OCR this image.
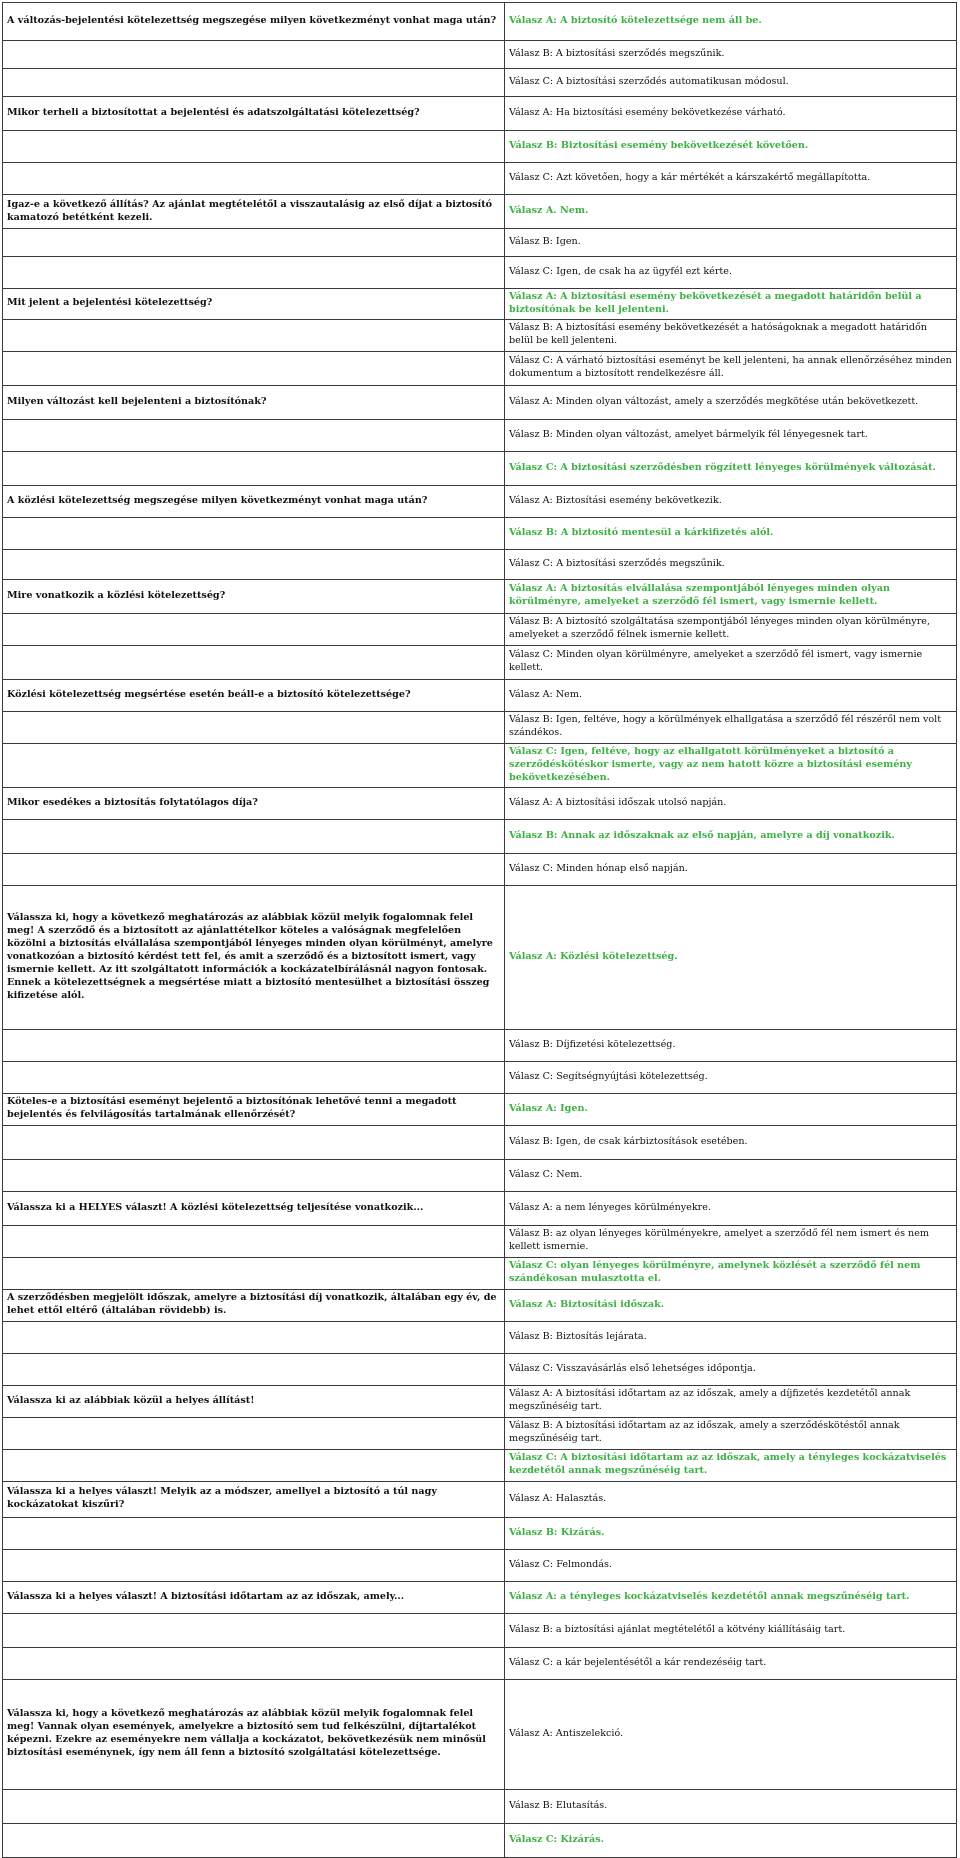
A változás-bejelentési kötelezettség megszegése milyen következményt vonhat maga után?	Válasz A: A biztosító kötelezettsége nem áll be.
	Válasz B: A biztosítási szerződés megszűnik.
	Válasz C: A biztosítási szerződés automatikusan módosul.
Mikor terheli a biztosítottat a bejelentési és adatszolgáltatási kötelezettség?	Válasz A: Ha biztosítási esemény bekövetkezése várható.
	Válasz B: Biztosítási esemény bekövetkezését követően.
	Válasz C: Azt követően, hogy a kár mértékét a kárszakértő megállapította.
Igaz-e a következő állítás? Az ajánlat megtételétől a visszautalásig az első díjat a biztosító kamatozó betétként kezeli.	Válasz A. Nem.
	Válasz B: Igen.
	Válasz C: Igen, de csak ha az ügyfél ezt kérte.
Mit jelent a bejelentési kötelezettség?	Válasz A: A biztosítási esemény bekövetkezését a megadott határidőn belül a biztosítónak be kell jelenteni.
	Válasz B: A biztosítási esemény bekövetkezését a hatóságoknak a megadott határidőn belül be kell jelenteni.
	Válasz C: A várható biztosítási eseményt be kell jelenteni, ha annak ellenőrzéséhez minden dokumentum a biztosított rendelkezésre áll.
Milyen változást kell bejelenteni a biztosítónak?	Válasz A: Minden olyan változást, amely a szerződés megkötése után bekövetkezett.
	Válasz B: Minden olyan változást, amelyet bármelyik fél lényegesnek tart.
	Válasz C: A biztosítási szerződésben rögzített lényeges körülmények változását.
A közlési kötelezettség megszegése milyen következményt vonhat maga után?	Válasz A: Biztosítási esemény bekövetkezik.
	Válasz B: A biztosító mentesül a kárkifizetés alól.
	Válasz C: A biztosítási szerződés megszűnik.
Mire vonatkozik a közlési kötelezettség?	Válasz A: A biztosítás elvállalása szempontjából lényeges minden olyan körülményre, amelyeket a szerződő fél ismert, vagy ismernie kellett.
	Válasz B: A biztosító szolgáltatása szempontjából lényeges minden olyan körülményre, amelyeket a szerződő félnek ismernie kellett.
	Válasz C: Minden olyan körülményre, amelyeket a szerződő fél ismert, vagy ismernie kellett.
Közlési kötelezettség megsértése esetén beáll-e a biztosító kötelezettsége?	Válasz A: Nem.
	Válasz B: Igen, feltéve, hogy a körülmények elhallgatása a szerződő fél részéről nem volt szándékos.
	Válasz C: Igen, feltéve, hogy az elhallgatott körülményeket a biztosító a szerződéskötéskor ismerte, vagy az nem hatott közre a biztosítási esemény bekövetkezésében.
Mikor esedékes a biztosítás folytatólagos díja?	Válasz A: A biztosítási időszak utolsó napján.
	Válasz B: Annak az időszaknak az első napján, amelyre a díj vonatkozik.
	Válasz C: Minden hónap első napján.
Válassza ki, hogy a következő meghatározás az alábbiak közül melyik fogalomnak felel meg! A szerződő és a biztosított az ajánlattételkor köteles a valóságnak megfelelően közölni a biztosítás elvállalása szempontjából lényeges minden olyan körülményt, amelyre vonatkozóan a biztosító kérdést tett fel, és amit a szerződő és a biztosított ismert, vagy ismernie kellett. Az itt szolgáltatott információk a kockázatelbírálásnál nagyon fontosak. Ennek a kötelezettségnek a megsértése miatt a biztosító mentesülhet a biztosítási összeg kifizetése alól.	Válasz A: Közlési kötelezettség.
	Válasz B: Díjfizetési kötelezettség.
	Válasz C: Segítségnyújtási kötelezettség.
Köteles-e a biztosítási eseményt bejelentő a biztosítónak lehetővé tenni a megadott bejelentés és felvilágosítás tartalmának ellenőrzését?	Válasz A: Igen.
	Válasz B: Igen, de csak kárbiztosítások esetében.
	Válasz C: Nem.
Válassza ki a HELYES választ! A közlési kötelezettség teljesítése vonatkozik...	Válasz A: a nem lényeges körülményekre.
	Válasz B: az olyan lényeges körülményekre, amelyet a szerződő fél nem ismert és nem kellett ismernie.
	Válasz C: olyan lényeges körülményre, amelynek közlését a szerződő fél nem szándékosan mulasztotta el.
A szerződésben megjelölt időszak, amelyre a biztosítási díj vonatkozik, általában egy év, de lehet ettől eltérő (általában rövidebb) is.	Válasz A: Biztosítási időszak.
	Válasz B: Biztosítás lejárata.
	Válasz C: Visszavásárlás első lehetséges időpontja.
Válassza ki az alábbiak közül a helyes állítást!	Válasz A: A biztosítási időtartam az az időszak, amely a díjfizetés kezdetétől annak megszűnéséig tart.
	Válasz B: A biztosítási időtartam az az időszak, amely a szerződéskötéstől annak megszűnéséig tart.
	Válasz C: A biztosítási időtartam az az időszak, amely a tényleges kockázatviselés kezdetétől annak megszűnéséig tart.
Válassza ki a helyes választ! Melyik az a módszer, amellyel a biztosító a túl nagy kockázatokat kiszűri?	Válasz A: Halasztás.
	Válasz B: Kizárás.
	Válasz C: Felmondás.
Válassza ki a helyes választ! A biztosítási időtartam az az időszak, amely...	Válasz A: a tényleges kockázatviselés kezdetétől annak megszűnéséig tart.
	Válasz B: a biztosítási ajánlat megtételétől a kötvény kiállításáig tart.
	Válasz C: a kár bejelentésétől a kár rendezéséig tart.
Válassza ki, hogy a következő meghatározás az alábbiak közül melyik fogalomnak felel meg! Vannak olyan események, amelyekre a biztosító sem tud felkészülni, díjtartalékot képezni. Ezekre az eseményekre nem vállalja a kockázatot, bekövetkezésük nem minősül biztosítási eseménynek, így nem áll fenn a biztosító szolgáltatási kötelezettsége.	Válasz A: Antiszelekció.
	Válasz B: Elutasítás.
	Válasz C: Kizárás.
